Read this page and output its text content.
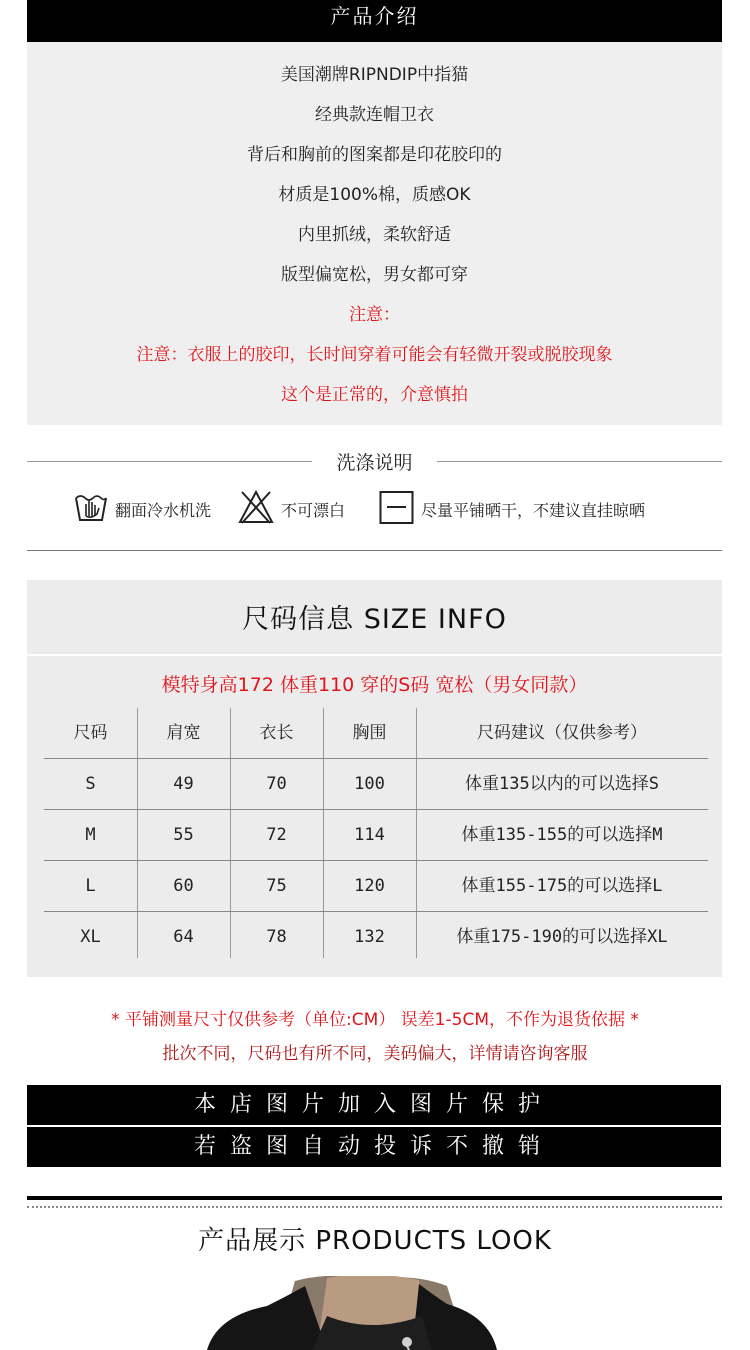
产品介绍
美国潮牌RIPNDIP中指猫
经典款连帽卫衣
背后和胸前的图案都是印花胶印的
材质是100%棉，质感OK
内里抓绒，柔软舒适
版型偏宽松，男女都可穿
注意：
注意：衣服上的胶印，长时间穿着可能会有轻微开裂或脱胶现象
这个是正常的，介意慎拍
洗涤说明
翻面冷水机洗	不可漂白	尽量平铺晒干，不建议直挂晾晒
尺码信息 SIZE INFO
模特身高172 体重110 穿的S码 宽松（男女同款）
尺码	肩宽	衣长	胸围	尺码建议（仅供参考）
S	49	70	100	体重135以内的可以选择S
M	55	72	114	体重135-155的可以选择M
L	60	75	120	体重155-175的可以选择L
XL	64	78	132	体重175-190的可以选择XL
* 平铺测量尺寸仅供参考（单位:CM） 误差1-5CM，不作为退货依据 *
批次不同，尺码也有所不同，美码偏大，详情请咨询客服
本店图片加入图片保护
若盗图自动投诉不撤销
产品展示 PRODUCTS LOOK
